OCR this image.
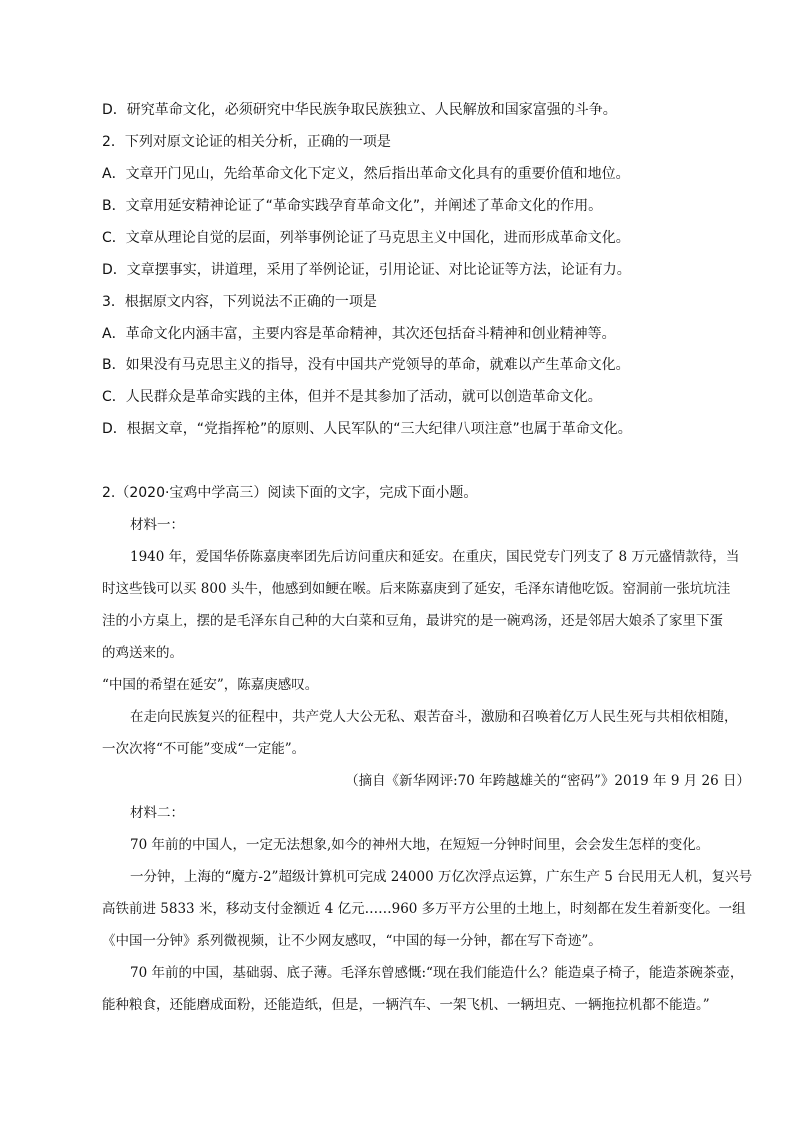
D．研究革命文化，必须研究中华民族争取民族独立、人民解放和国家富强的斗争。
2．下列对原文论证的相关分析，正确的一项是
A．文章开门见山，先给革命文化下定义，然后指出革命文化具有的重要价值和地位。
B．文章用延安精神论证了“革命实践孕育革命文化”，并阐述了革命文化的作用。
C．文章从理论自觉的层面，列举事例论证了马克思主义中国化，进而形成革命文化。
D．文章摆事实，讲道理，采用了举例论证，引用论证、对比论证等方法，论证有力。
3．根据原文内容，下列说法不正确的一项是
A．革命文化内涵丰富，主要内容是革命精神，其次还包括奋斗精神和创业精神等。
B．如果没有马克思主义的指导，没有中国共产党领导的革命，就难以产生革命文化。
C．人民群众是革命实践的主体，但并不是其参加了活动，就可以创造革命文化。
D．根据文章，“党指挥枪”的原则、人民军队的“三大纪律八项注意”也属于革命文化。
2.（2020·宝鸡中学高三）阅读下面的文字，完成下面小题。
材料一：
1940 年，爱国华侨陈嘉庚率团先后访问重庆和延安。在重庆，国民党专门列支了 8 万元盛情款待，当
时这些钱可以买 800 头牛，他感到如鲠在喉。后来陈嘉庚到了延安，毛泽东请他吃饭。窑洞前一张坑坑洼
洼的小方桌上，摆的是毛泽东自己种的大白菜和豆角，最讲究的是一碗鸡汤，还是邻居大娘杀了家里下蛋
的鸡送来的。
“中国的希望在延安”，陈嘉庚感叹。
在走向民族复兴的征程中，共产党人大公无私、艰苦奋斗，激励和召唤着亿万人民生死与共相依相随，
一次次将“不可能”变成“一定能”。
（摘自《新华网评:70 年跨越雄关的“密码”》2019 年 9 月 26 日）
材料二：
70 年前的中国人，一定无法想象,如今的神州大地，在短短一分钟时间里，会会发生怎样的变化。
一分钟，上海的“魔方-2”超级计算机可完成 24000 万亿次浮点运算，广东生产 5 台民用无人机，复兴号
高铁前进 5833 米，移动支付金额近 4 亿元……960 多万平方公里的土地上，时刻都在发生着新变化。一组
《中国一分钟》系列微视频，让不少网友感叹，“中国的每一分钟，都在写下奇迹”。
70 年前的中国，基础弱、底子薄。毛泽东曾感慨:“现在我们能造什么？能造桌子椅子，能造茶碗茶壶，
能种粮食，还能磨成面粉，还能造纸，但是，一辆汽车、一架飞机、一辆坦克、一辆拖拉机都不能造。”
